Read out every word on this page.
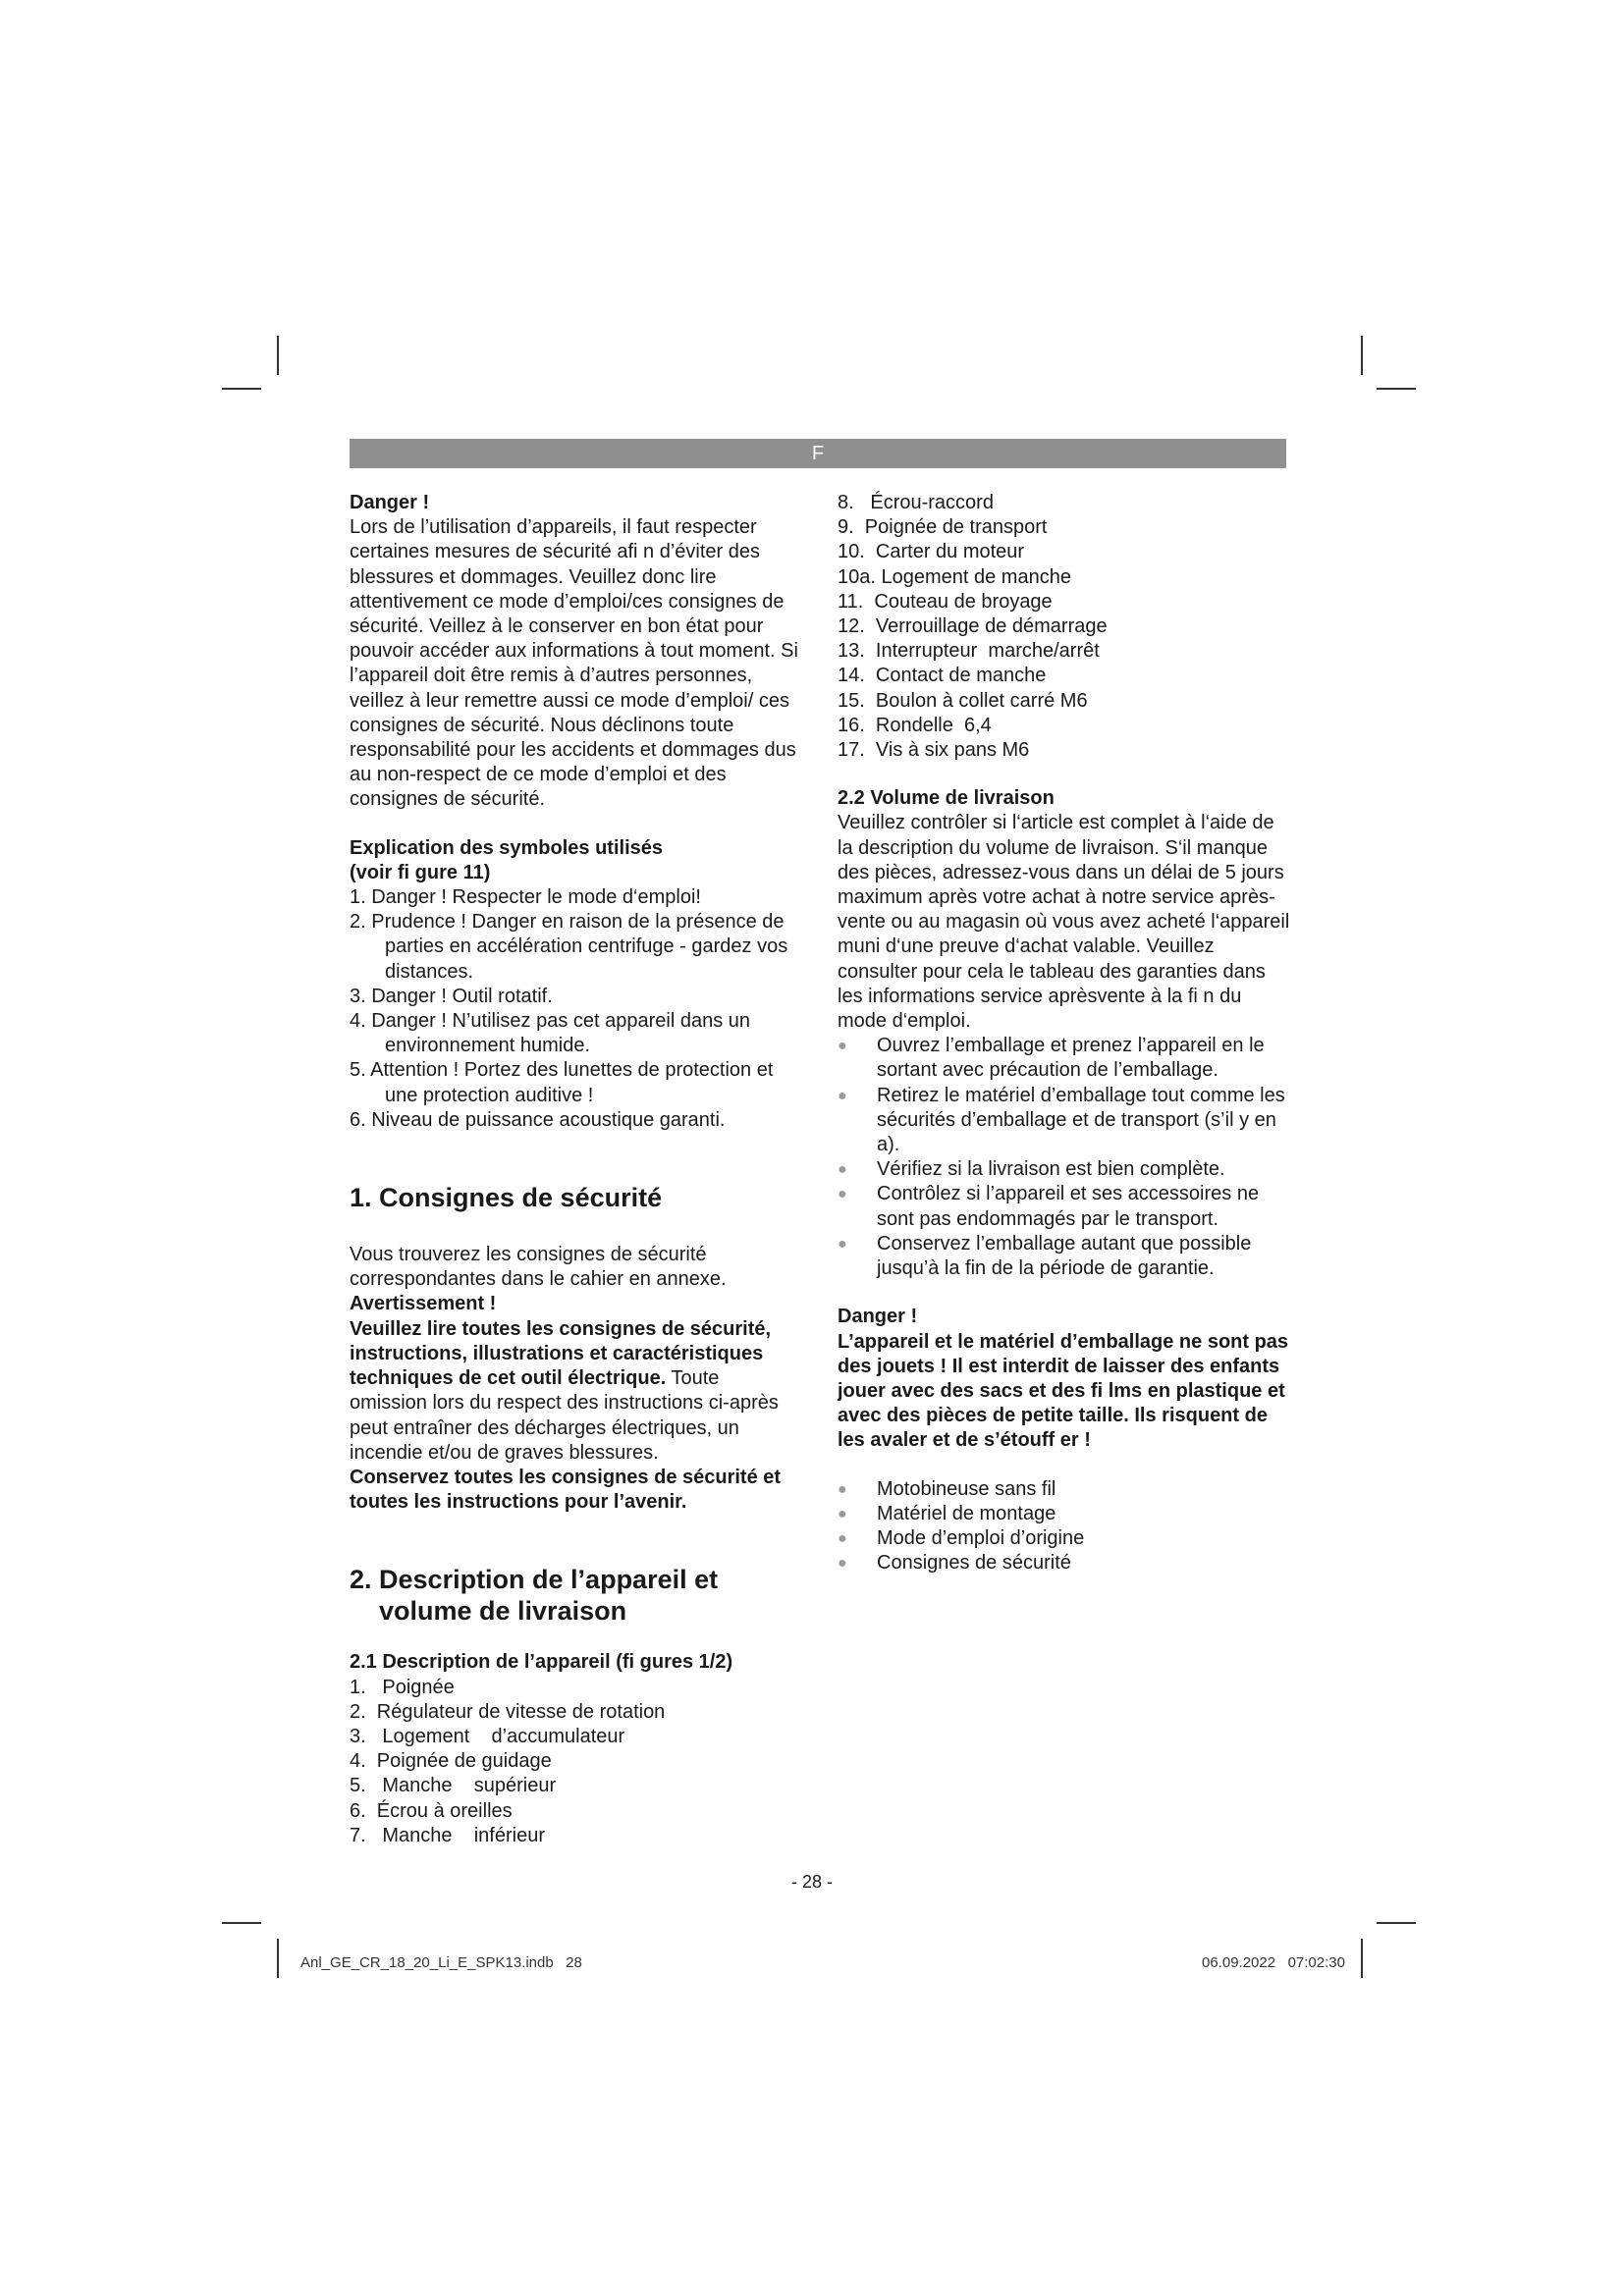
F

Danger !

Lors de l’utilisation d’appareils, il faut respecter certaines mesures de sécurité afi n d’éviter des blessures et dommages. Veuillez donc lire attentivement ce mode d’emploi/ces consignes de sécurité. Veillez à le conserver en bon état pour pouvoir accéder aux informations à tout moment. Si l’appareil doit être remis à d’autres personnes, veillez à leur remettre aussi ce mode d’emploi/ ces consignes de sécurité. Nous déclinons toute responsabilité pour les accidents et dommages dus au non-respect de ce mode d’emploi et des consignes de sécurité.

Explication des symboles utilisés

(voir fi gure 11)

1. Danger ! Respecter le mode d‘emploi!
2. Prudence ! Danger en raison de la présence de parties en accélération centrifuge - gardez vos distances.
3. Danger ! Outil rotatif.
4. Danger ! N’utilisez pas cet appareil dans un environnement humide.
5. Attention ! Portez des lunettes de protection et une protection auditive !
6. Niveau de puissance acoustique garanti.
1. Consignes de sécurité

Vous trouverez les consignes de sécurité correspondantes dans le cahier en annexe.

Avertissement !

Veuillez lire toutes les consignes de sécurité, instructions, illustrations et caractéristiques techniques de cet outil électrique. Toute omission lors du respect des instructions ci-après peut entraîner des décharges électriques, un incendie et/ou de graves blessures.

Conservez toutes les consignes de sécurité et toutes les instructions pour l’avenir.

2. Description de l’appareil et
volume de livraison

2.1 Description de l’appareil (fi gures 1/2)

1.   Poignée
2.  Régulateur de vitesse de rotation
3.   Logement    d’accumulateur
4.  Poignée de guidage
5.   Manche    supérieur
6.  Écrou à oreilles
7.   Manche    inférieur
8.   Écrou-raccord
9.  Poignée de transport
10.  Carter du moteur
10a. Logement de manche
11.  Couteau de broyage
12.  Verrouillage de démarrage
13.  Interrupteur  marche/arrêt
14.  Contact de manche
15.  Boulon à collet carré M6
16.  Rondelle  6,4
17.  Vis à six pans M6

2.2 Volume de livraison

Veuillez contrôler si l‘article est complet à l‘aide de la description du volume de livraison. S‘il manque des pièces, adressez-vous dans un délai de 5 jours maximum après votre achat à notre service après-vente ou au magasin où vous avez acheté l‘appareil muni d‘une preuve d‘achat valable. Veuillez consulter pour cela le tableau des garanties dans les informations service aprèsvente à la fi n du mode d‘emploi.

● Ouvrez l’emballage et prenez l’appareil en le sortant avec précaution de l’emballage.
● Retirez le matériel d’emballage tout comme les sécurités d’emballage et de transport (s’il y en a).
● Vérifiez si la livraison est bien complète.
● Contrôlez si l’appareil et ses accessoires ne sont pas endommagés par le transport.
● Conservez l’emballage autant que possible jusqu’à la fin de la période de garantie.

Danger !

L’appareil et le matériel d’emballage ne sont pas des jouets ! Il est interdit de laisser des enfants jouer avec des sacs et des fi lms en plastique et avec des pièces de petite taille. Ils risquent de les avaler et de s’étouff er !

● Motobineuse sans fil
● Matériel de montage
● Mode d’emploi d’origine
● Consignes de sécurité
- 28 -
Anl_GE_CR_18_20_Li_E_SPK13.indb   28	06.09.2022   07:02:30
